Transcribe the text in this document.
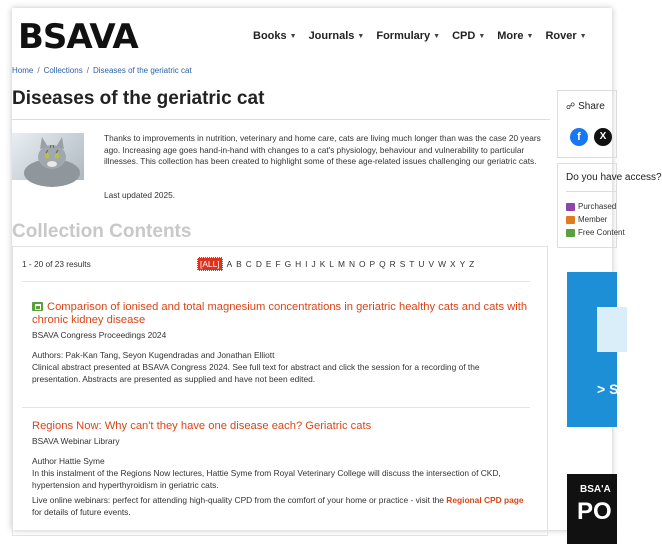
BSAVA	Books ▼ Journals ▼ Formulary ▼ CPD ▼ More ▼ Rover ▼
Home / Collections / Diseases of the geriatric cat
Diseases of the geriatric cat

Thanks to improvements in nutrition, veterinary and home care, cats are living much longer than was the case 20 years ago. Increasing age goes hand-in-hand with changes to a cat's physiology, behaviour and vulnerability to particular illnesses. This collection has been created to highlight some of these age-related issues challenging our geriatric cats.

Last updated 2025.

Collection Contents
1 - 20 of 23 results	[ALL] A B C D E F G H I J K L M N O P Q R S T U V W X Y Z
Comparison of ionised and total magnesium concentrations in geriatric healthy cats and cats with chronic kidney disease
BSAVA Congress Proceedings 2024
Authors: Pak-Kan Tang, Seyon Kugendradas and Jonathan Elliott
Clinical abstract presented at BSAVA Congress 2024. See full text for abstract and click the session for a recording of the presentation. Abstracts are presented as supplied and have not been edited.
Regions Now: Why can't they have one disease each? Geriatric cats
BSAVA Webinar Library
Author Hattie Syme
In this instalment of the Regions Now lectures, Hattie Syme from Royal Veterinary College will discuss the intersection of CKD, hypertension and hyperthyroidism in geriatric cats.
Live online webinars: perfect for attending high-quality CPD from the comfort of your home or practice - visit the Regional CPD page for details of future events.
☍ Share
f	X
Do you have access?
Purchased
Member
Free Content
> Se fe
BSA'A
PO
